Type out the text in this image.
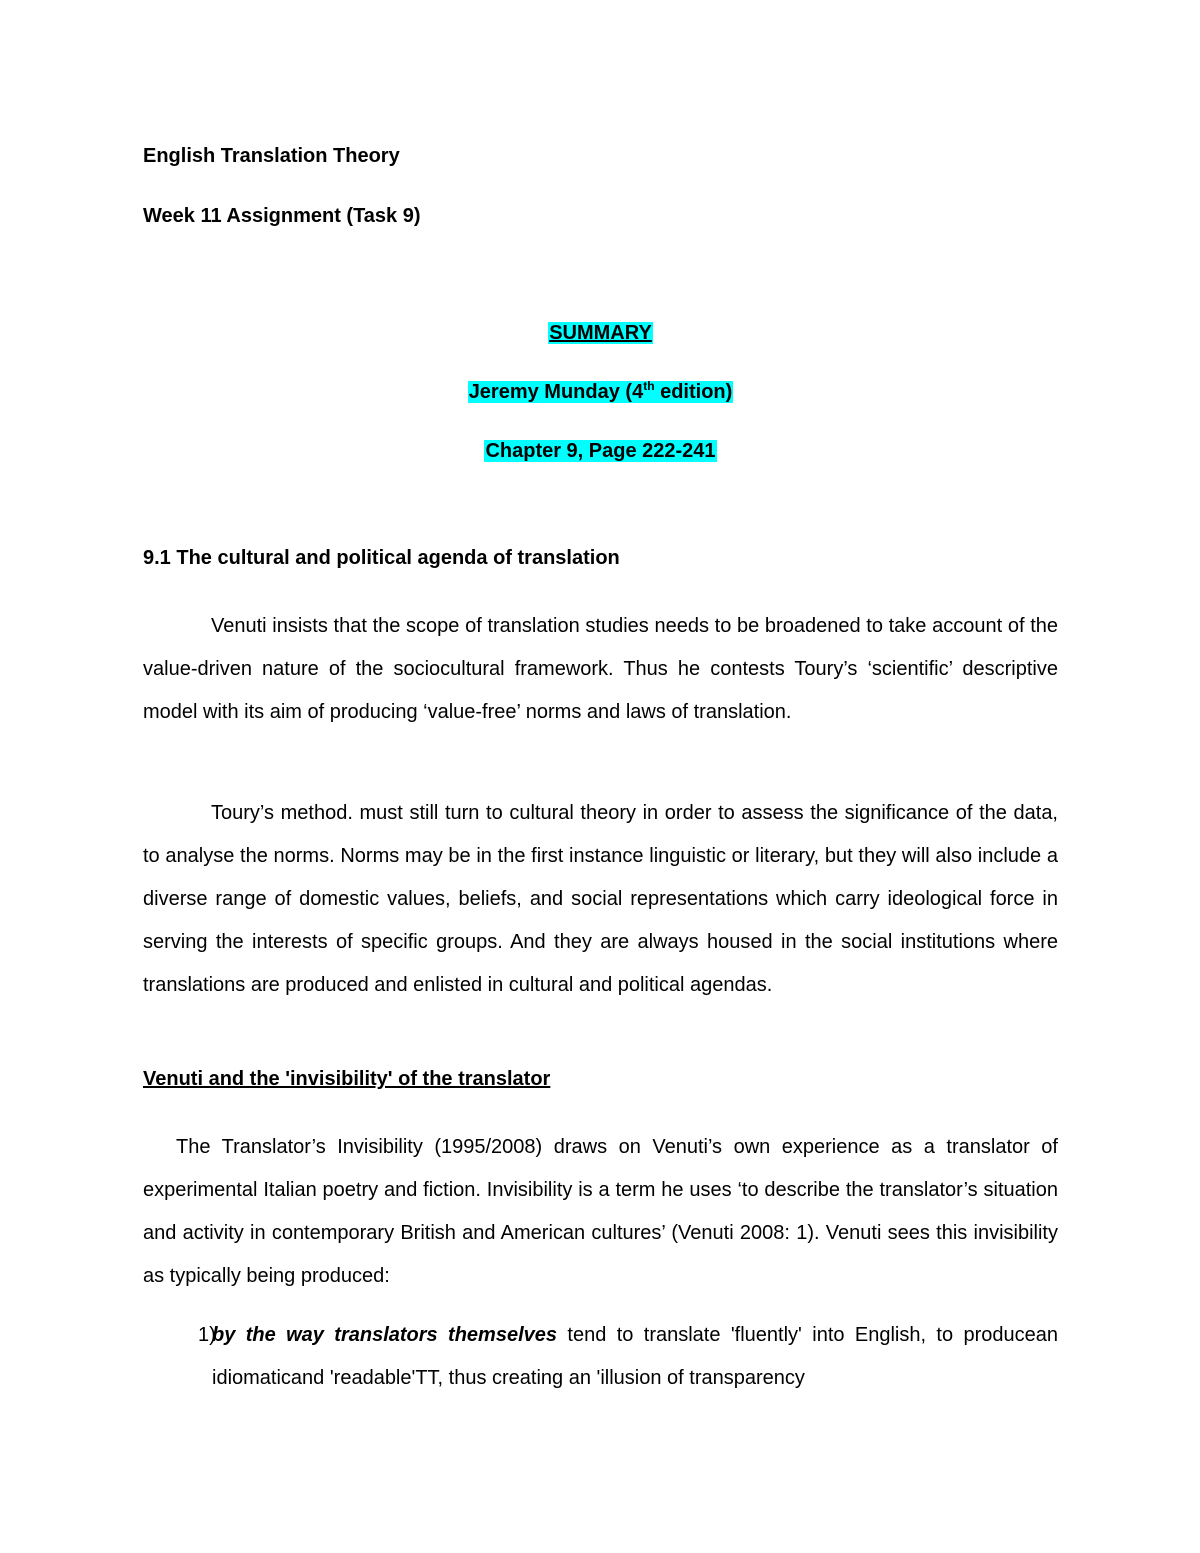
English Translation Theory
Week 11 Assignment (Task 9)
SUMMARY
Jeremy Munday (4th edition)
Chapter 9, Page 222-241
9.1 The cultural and political agenda of translation

Venuti insists that the scope of translation studies needs to be broadened to take account of the value-driven nature of the sociocultural framework. Thus he contests Toury’s ‘scientific’ descriptive model with its aim of producing ‘value-free’ norms and laws of translation.

Toury’s method. must still turn to cultural theory in order to assess the significance of the data, to analyse the norms. Norms may be in the first instance linguistic or literary, but they will also include a diverse range of domestic values, beliefs, and social representations which carry ideological force in serving the interests of specific groups. And they are always housed in the social institutions where translations are produced and enlisted in cultural and political agendas.

Venuti and the 'invisibility' of the translator

The Translator’s Invisibility (1995/2008) draws on Venuti’s own experience as a translator of experimental Italian poetry and fiction. Invisibility is a term he uses ‘to describe the translator’s situation and activity in contemporary British and American cultures’ (Venuti 2008: 1). Venuti sees this invisibility as typically being produced:

1)
by the way translators themselves tend to translate 'fluently' into English, to producean idiomaticand 'readable'TT, thus creating an 'illusion of transparency
